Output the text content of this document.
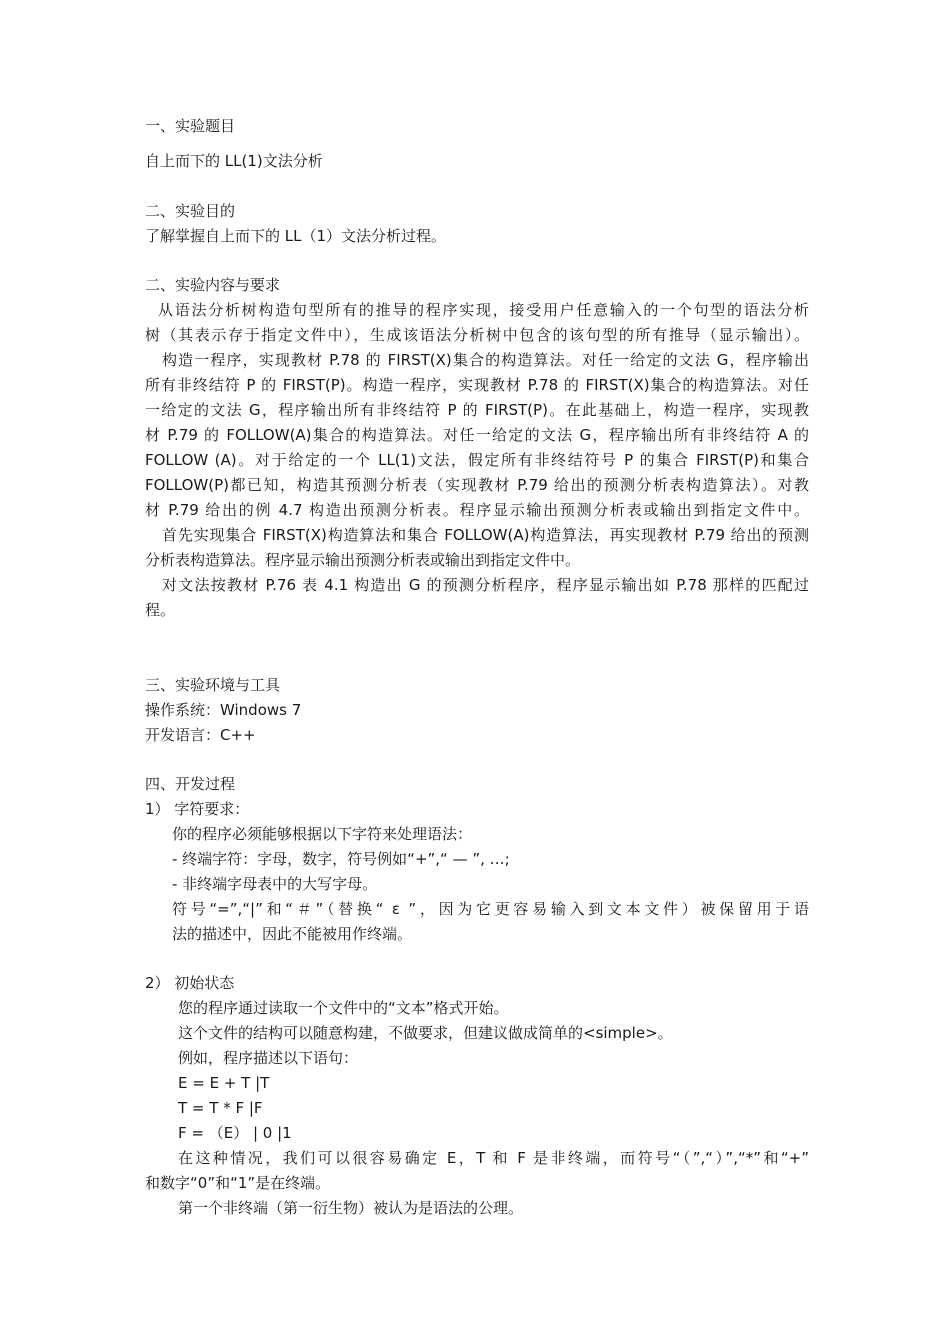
一、实验题目
自上而下的 LL(1)文法分析
二、实验目的
了解掌握自上而下的 LL（1）文法分析过程。
二、实验内容与要求
从语法分析树构造句型所有的推导的程序实现，接受用户任意输入的一个句型的语法分析
树（其表示存于指定文件中），生成该语法分析树中包含的该句型的所有推导（显示输出）。
构造一程序，实现教材 P.78 的 FIRST(X)集合的构造算法。对任一给定的文法 G，程序输出
所有非终结符 P 的 FIRST(P)。构造一程序，实现教材 P.78 的 FIRST(X)集合的构造算法。对任
一给定的文法 G，程序输出所有非终结符 P 的 FIRST(P)。在此基础上，构造一程序，实现教
材 P.79 的 FOLLOW(A)集合的构造算法。对任一给定的文法 G，程序输出所有非终结符 A 的
FOLLOW (A)。对于给定的一个 LL(1)文法，假定所有非终结符号 P 的集合 FIRST(P)和集合
FOLLOW(P)都已知，构造其预测分析表（实现教材 P.79 给出的预测分析表构造算法）。对教
材 P.79 给出的例 4.7 构造出预测分析表。程序显示输出预测分析表或输出到指定文件中。
首先实现集合 FIRST(X)构造算法和集合 FOLLOW(A)构造算法，再实现教材 P.79 给出的预测
分析表构造算法。程序显示输出预测分析表或输出到指定文件中。
对文法按教材 P.76 表 4.1 构造出 G 的预测分析程序，程序显示输出如 P.78 那样的匹配过
程。
三、实验环境与工具
操作系统：Windows 7
开发语言：C++
四、开发过程
1） 字符要求：
你的程序必须能够根据以下字符来处理语法：
- 终端字符：字母，数字，符号例如“+”,“ — ”, …;
- 非终端字母表中的大写字母。
符号“=”,“|”和“＃”（替换“ ε ”，因为它更容易输入到文本文件）被保留用于语
法的描述中，因此不能被用作终端。
2） 初始状态
您的程序通过读取一个文件中的“文本”格式开始。
这个文件的结构可以随意构建，不做要求，但建议做成简单的<simple>。
例如，程序描述以下语句：
E = E + T |T
T = T * F |F
F = （E） | 0 |1
在这种情况，我们可以很容易确定 E，T 和 F 是非终端，而符号“（”,“）”,“*”和“+”
和数字“0”和“1”是在终端。
第一个非终端（第一衍生物）被认为是语法的公理。
